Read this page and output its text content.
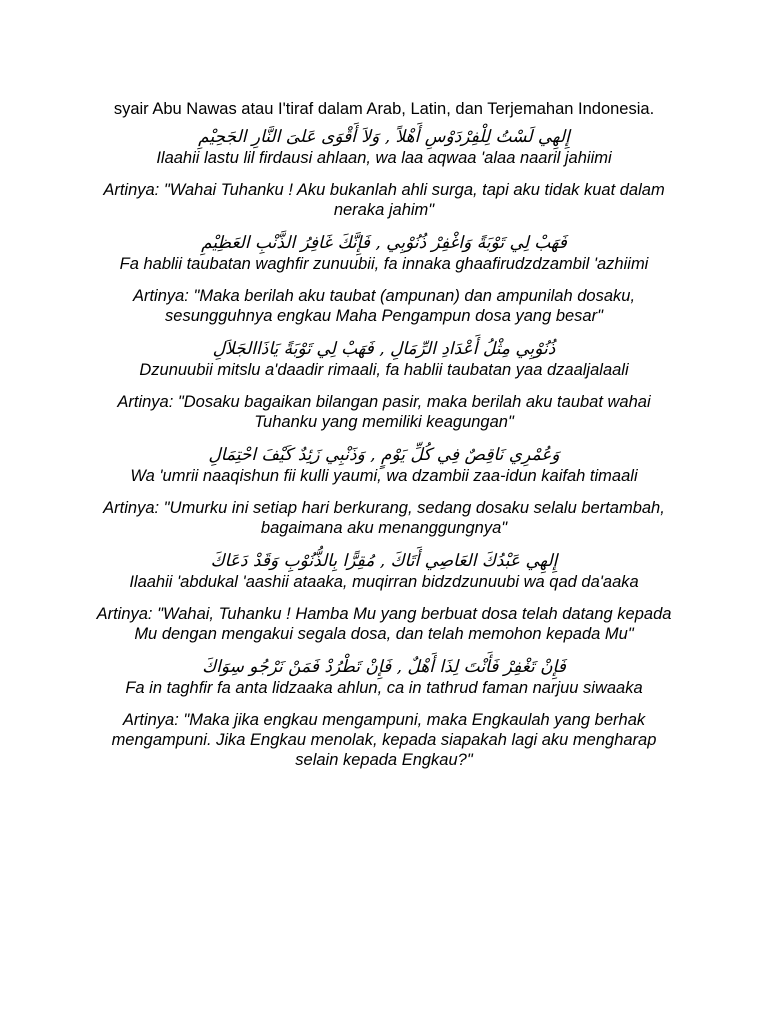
syair Abu Nawas atau I'tiraf dalam Arab, Latin, dan Terjemahan Indonesia.
إِلهِي لَسْتُ لِلْفِرْدَوْسِ أَهْلاً , وَلاَ أَقْوَى عَلىَ النَّارِ الجَحِيْمِ
Ilaahii lastu lil firdausi ahlaan, wa laa aqwaa 'alaa naaril jahiimi
Artinya: "Wahai Tuhanku ! Aku bukanlah ahli surga, tapi aku tidak kuat dalam neraka jahim"
فَهَبْ لِي تَوْبَةً وَاغْفِرْ ذُنُوْبِي , فَإِنَّكَ غَافِرُ الذَّنْبِ العَظِيْمِ
Fa hablii taubatan waghfir zunuubii, fa innaka ghaafirudzdzambil 'azhiimi
Artinya: "Maka berilah aku taubat (ampunan) dan ampunilah dosaku, sesungguhnya engkau Maha Pengampun dosa yang besar"
ذُنُوْبِي مِثْلُ أَعْدَادِ الرِّمَالِ , فَهَبْ لِي تَوْبَةً يَاذَاالجَلاَلِ
Dzunuubii mitslu a'daadir rimaali, fa hablii taubatan yaa dzaaljalaali
Artinya: "Dosaku bagaikan bilangan pasir, maka berilah aku taubat wahai Tuhanku yang memiliki keagungan"
وَعُمْرِي نَاقِصٌ فِي كُلِّ يَوْمٍ , وَذَنْبِي زَئِدٌ كَيْفَ احْتِمَالِ
Wa 'umrii naaqishun fii kulli yaumi, wa dzambii zaa-idun kaifah timaali
Artinya: "Umurku ini setiap hari berkurang, sedang dosaku selalu bertambah, bagaimana aku menanggungnya"
إِلهِي عَبْدُكَ العَاصِي أَتَاكَ , مُقِرًّا بِالذُّنُوْبِ وَقَدْ دَعَاكَ
Ilaahii 'abdukal 'aashii ataaka, muqirran bidzdzunuubi wa qad da'aaka
Artinya: "Wahai, Tuhanku ! Hamba Mu yang berbuat dosa telah datang kepada Mu dengan mengakui segala dosa, dan telah memohon kepada Mu"
فَإِنْ تَغْفِرْ فَأَنْتَ لِذَا أَهْلٌ , فَإِنْ تَطْرُدْ فَمَنْ نَرْجُو سِوَاكَ
Fa in taghfir fa anta lidzaaka ahlun, ca in tathrud faman narjuu siwaaka
Artinya: "Maka jika engkau mengampuni, maka Engkaulah yang berhak mengampuni. Jika Engkau menolak, kepada siapakah lagi aku mengharap selain kepada Engkau?"
